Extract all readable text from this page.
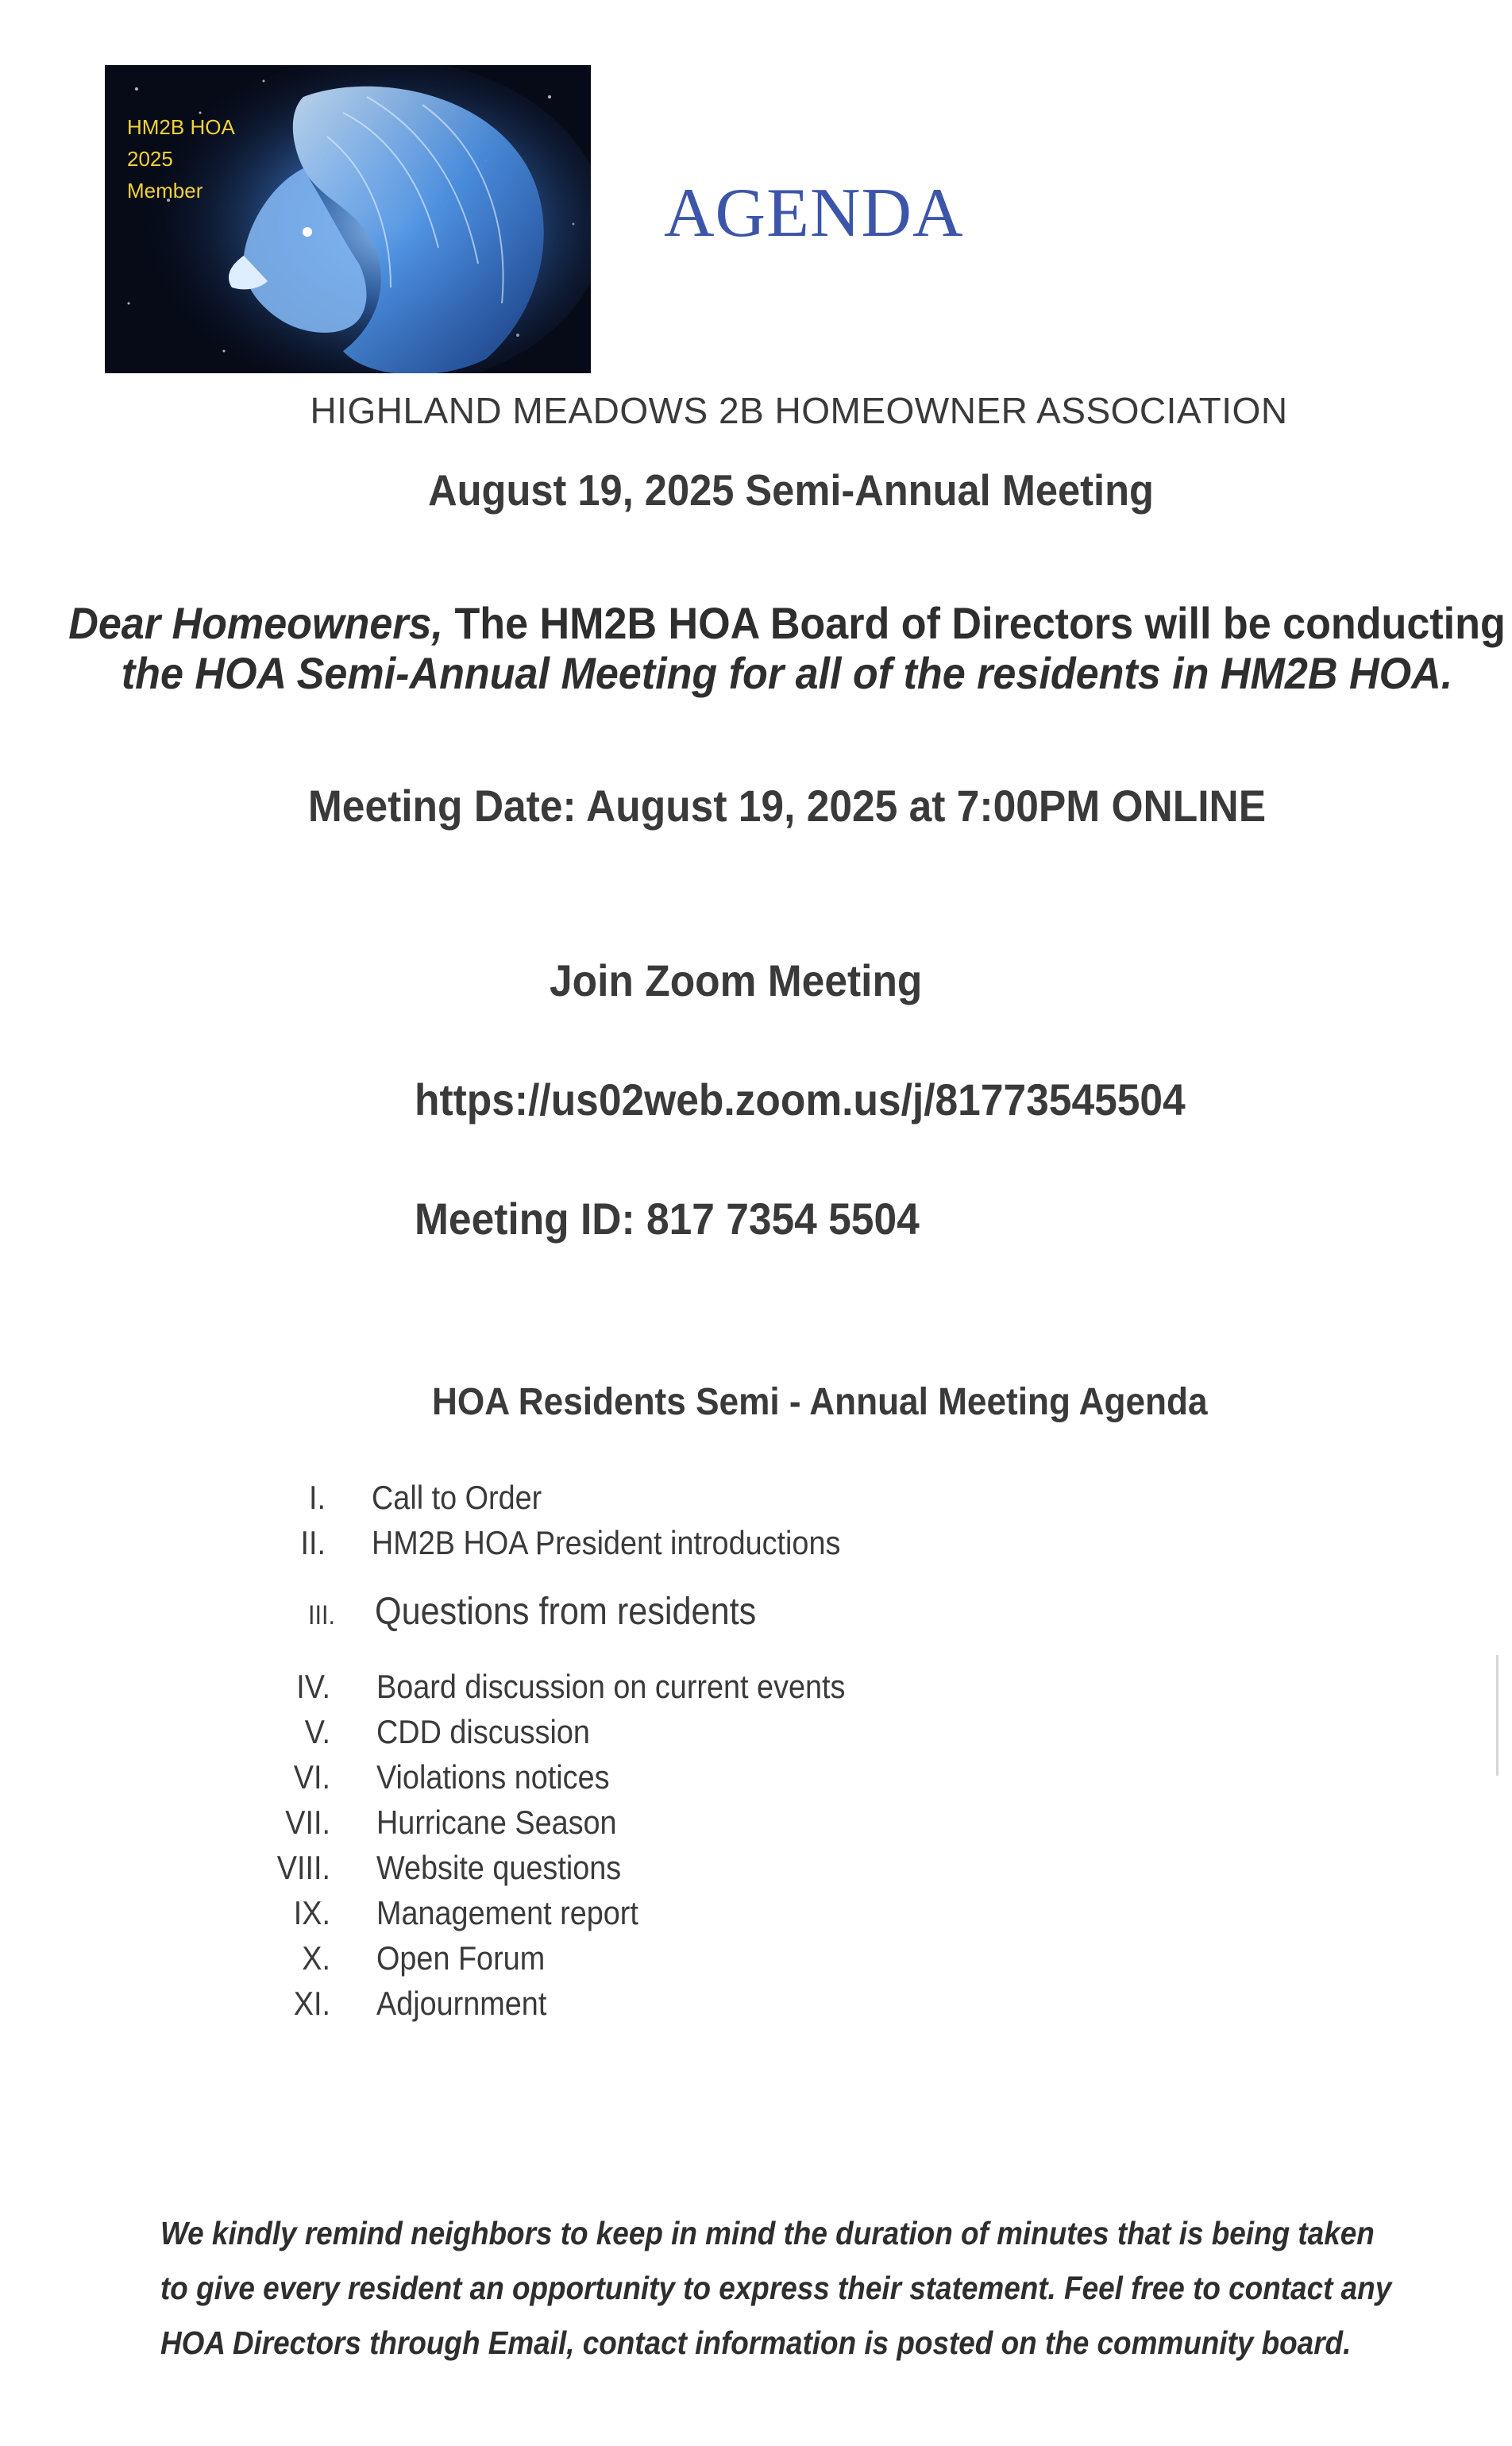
HM2B HOA
2025
Member	AGENDA
HIGHLAND MEADOWS 2B HOMEOWNER ASSOCIATION
August 19, 2025 Semi-Annual Meeting
Dear Homeowners, The HM2B HOA Board of Directors will be conducting
the HOA Semi-Annual Meeting for all of the residents in HM2B HOA.
Meeting Date: August 19, 2025 at 7:00PM ONLINE
Join Zoom Meeting
https://us02web.zoom.us/j/81773545504
Meeting ID: 817 7354 5504
HOA Residents Semi - Annual Meeting Agenda
I. Call to Order
II. HM2B HOA President introductions
III. Questions from residents
IV. Board discussion on current events
V. CDD discussion
VI. Violations notices
VII. Hurricane Season
VIII. Website questions
IX. Management report
X. Open Forum
XI. Adjournment
We kindly remind neighbors to keep in mind the duration of minutes that is being taken
to give every resident an opportunity to express their statement. Feel free to contact any
HOA Directors through Email, contact information is posted on the community board.
